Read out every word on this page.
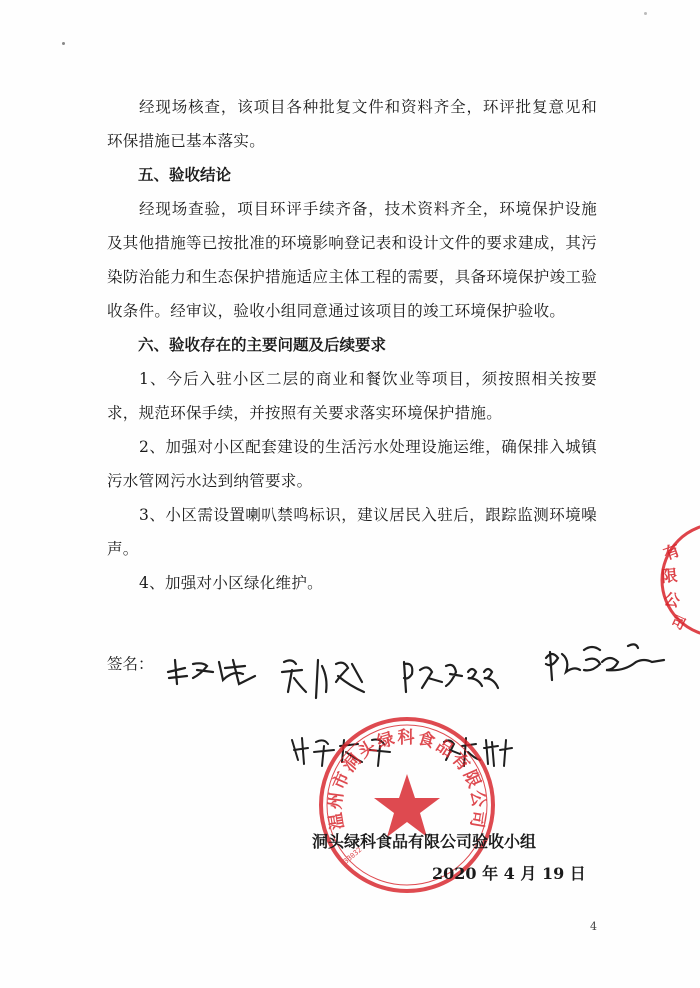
经现场核查，该项目各种批复文件和资料齐全，环评批复意见和环保措施已基本落实。

五、验收结论

经现场查验，项目环评手续齐备，技术资料齐全，环境保护设施及其他措施等已按批准的环境影响登记表和设计文件的要求建成，其污染防治能力和生态保护措施适应主体工程的需要，具备环境保护竣工验收条件。经审议，验收小组同意通过该项目的竣工环境保护验收。

六、验收存在的主要问题及后续要求

1、今后入驻小区二层的商业和餐饮业等项目，须按照相关按要求，规范环保手续，并按照有关要求落实环境保护措施。

2、加强对小区配套建设的生活污水处理设施运维，确保排入城镇污水管网污水达到纳管要求。

3、小区需设置喇叭禁鸣标识，建议居民入驻后，跟踪监测环境噪声。

4、加强对小区绿化维护。

有
限
公
司
签名：
温州市洞头绿科食品有限公司
33032
洞头绿科食品有限公司验收小组
2020 年 4 月 19 日
4
